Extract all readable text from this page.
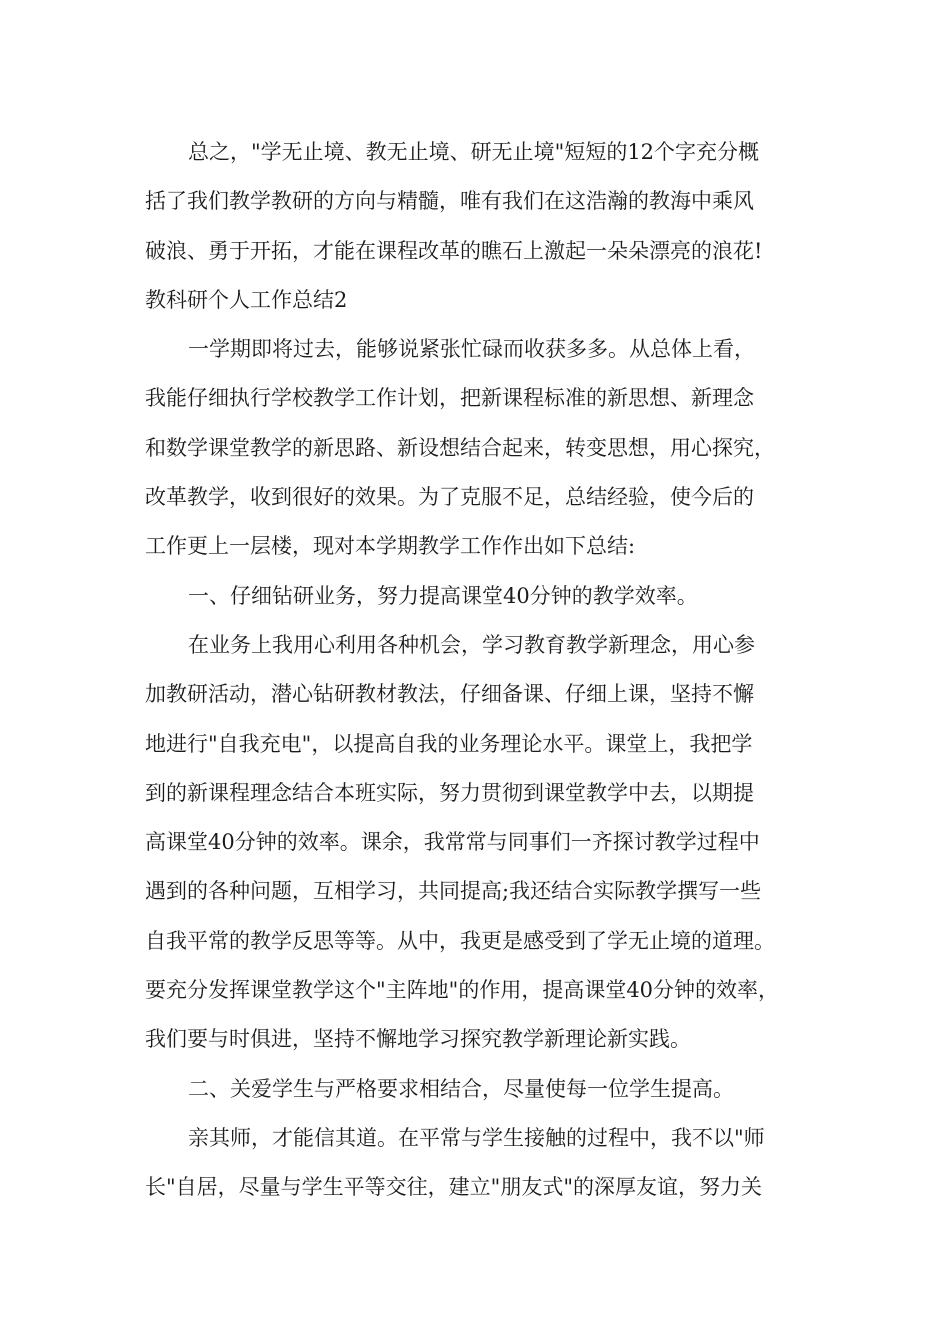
总之，"学无止境、教无止境、研无止境"短短的12个字充分概
括了我们教学教研的方向与精髓，唯有我们在这浩瀚的教海中乘风
破浪、勇于开拓，才能在课程改革的瞧石上激起一朵朵漂亮的浪花!
教科研个人工作总结2
一学期即将过去，能够说紧张忙碌而收获多多。从总体上看，
我能仔细执行学校教学工作计划，把新课程标准的新思想、新理念
和数学课堂教学的新思路、新设想结合起来，转变思想，用心探究，
改革教学，收到很好的效果。为了克服不足，总结经验，使今后的
工作更上一层楼，现对本学期教学工作作出如下总结:
一、仔细钻研业务，努力提高课堂40分钟的教学效率。
在业务上我用心利用各种机会，学习教育教学新理念，用心参
加教研活动，潜心钻研教材教法，仔细备课、仔细上课，坚持不懈
地进行"自我充电"，以提高自我的业务理论水平。课堂上，我把学
到的新课程理念结合本班实际，努力贯彻到课堂教学中去，以期提
高课堂40分钟的效率。课余，我常常与同事们一齐探讨教学过程中
遇到的各种问题，互相学习，共同提高;我还结合实际教学撰写一些
自我平常的教学反思等等。从中，我更是感受到了学无止境的道理。
要充分发挥课堂教学这个"主阵地"的作用，提高课堂40分钟的效率，
我们要与时俱进，坚持不懈地学习探究教学新理论新实践。
二、关爱学生与严格要求相结合，尽量使每一位学生提高。
亲其师，才能信其道。在平常与学生接触的过程中，我不以"师
长"自居，尽量与学生平等交往，建立"朋友式"的深厚友谊，努力关
